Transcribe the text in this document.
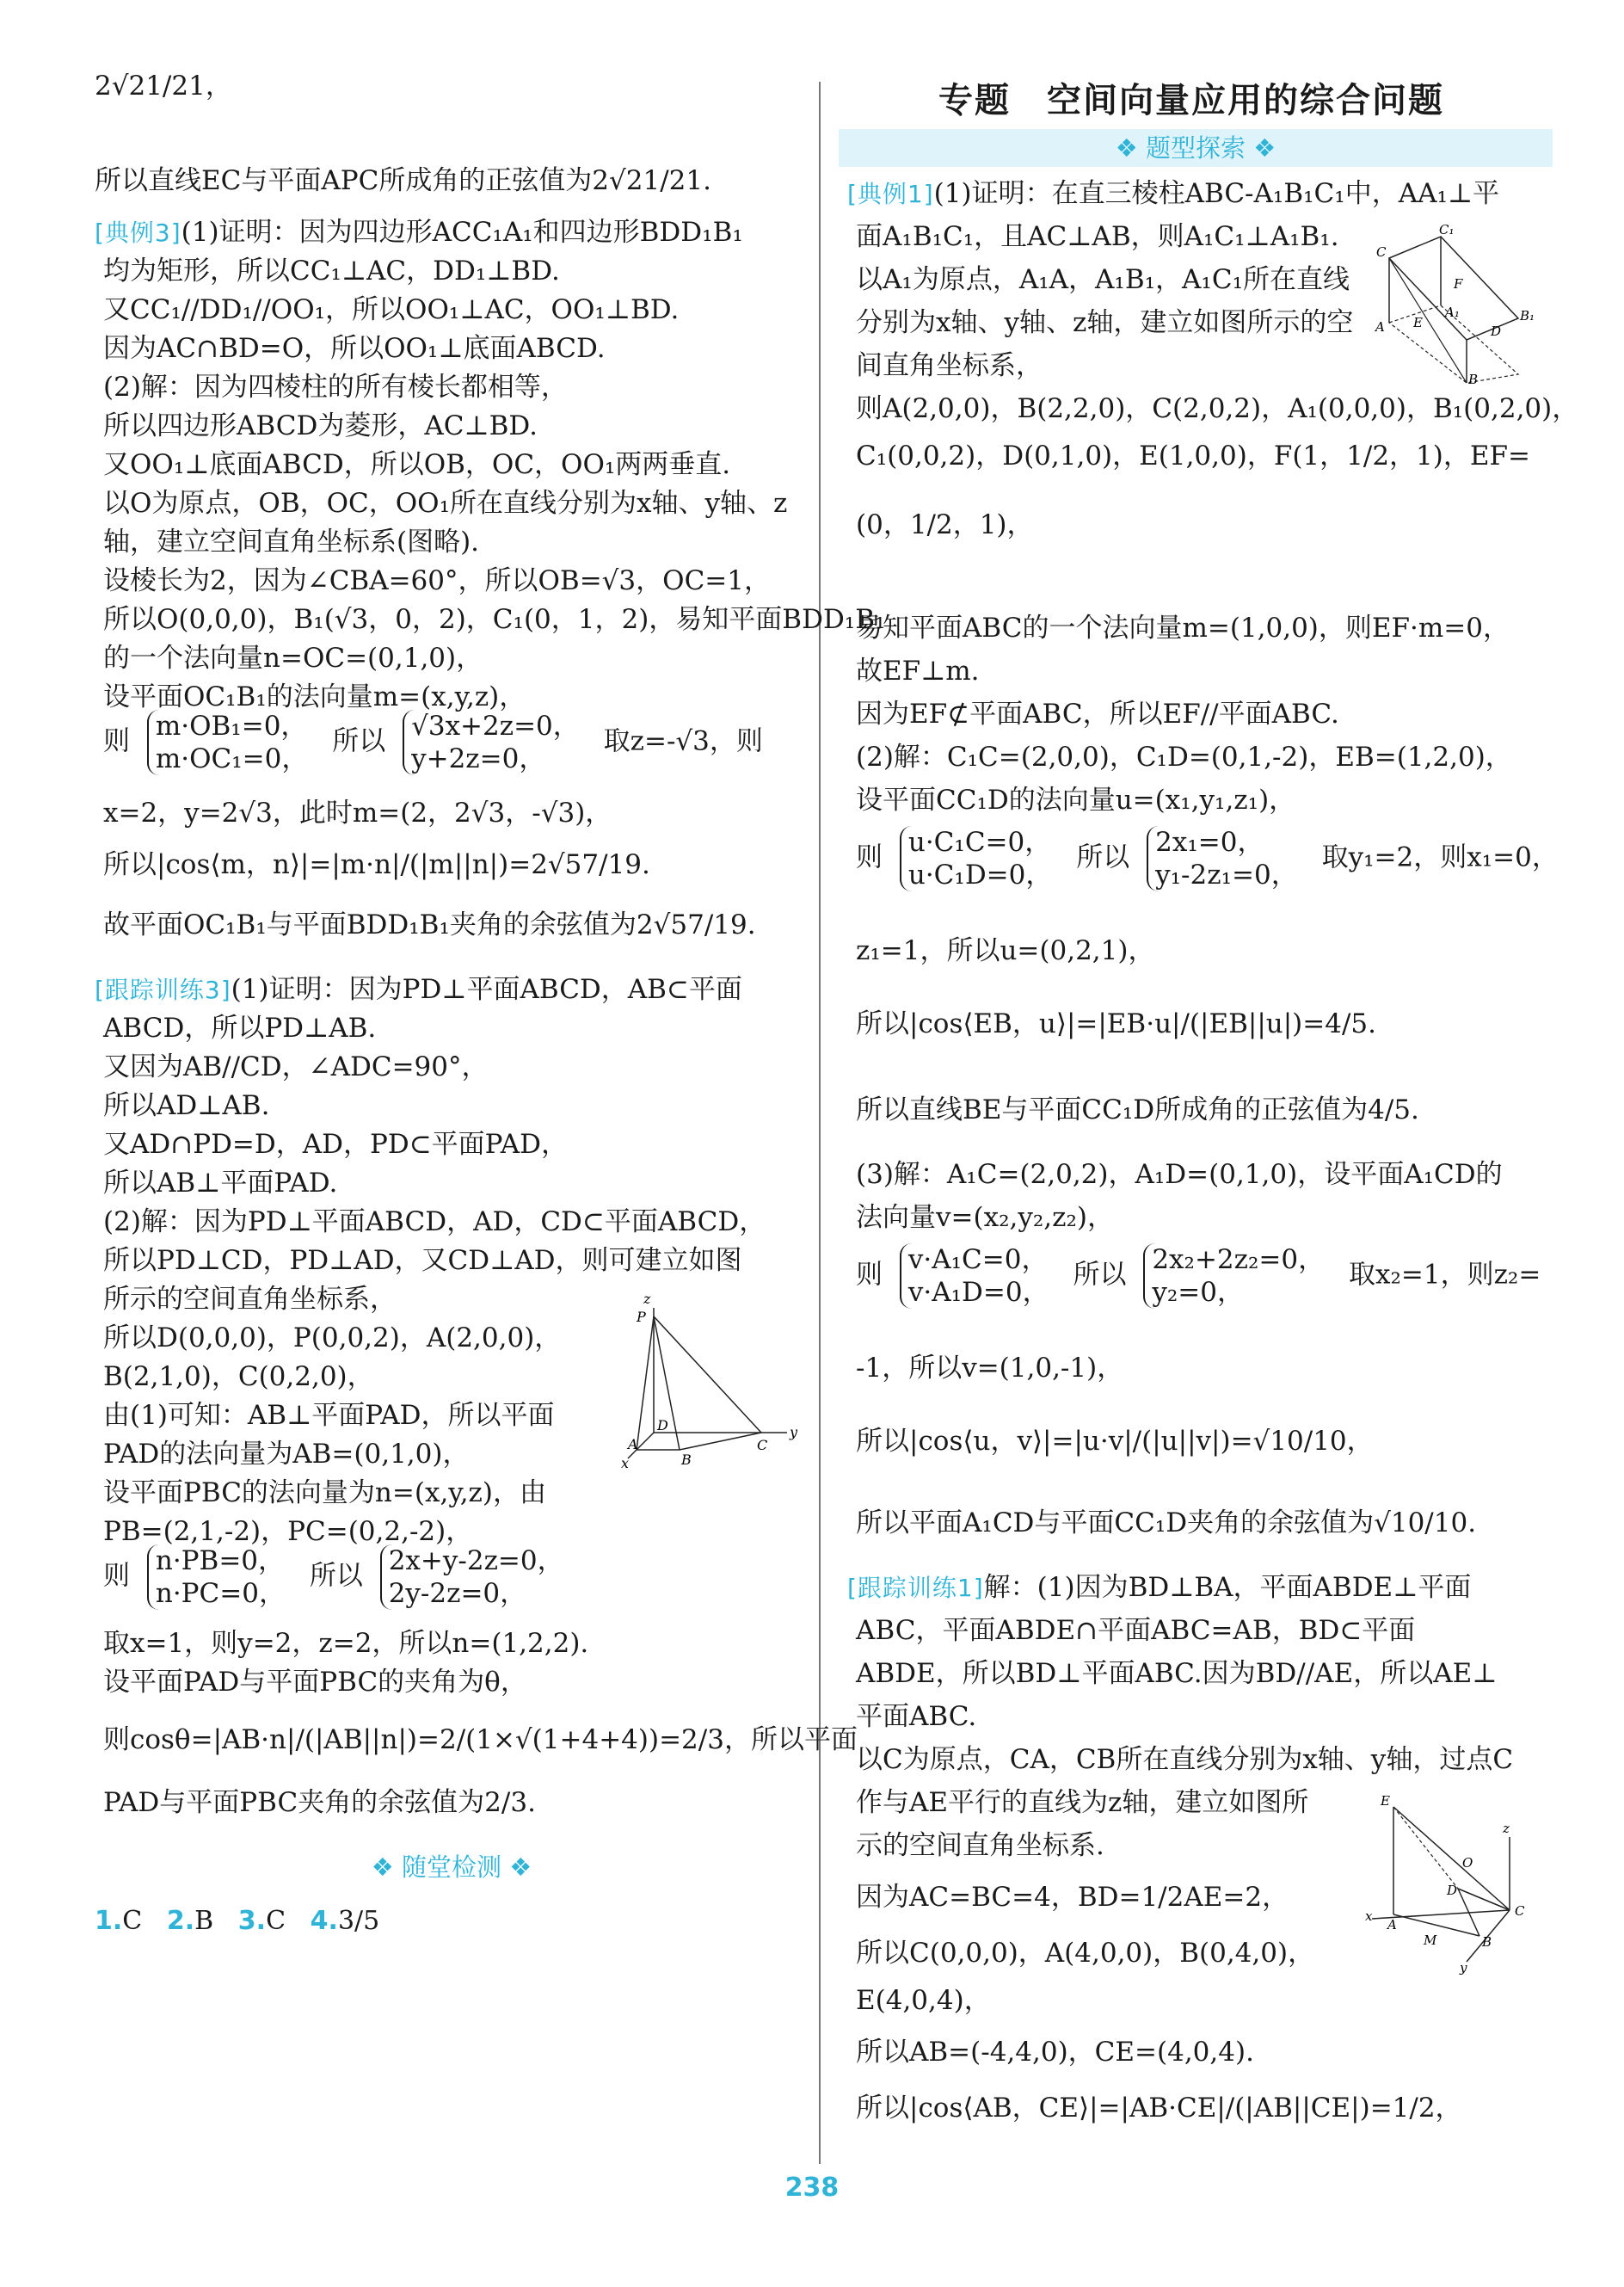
2√21/21，
所以直线EC与平面APC所成角的正弦值为2√21/21.
[典例3](1)证明：因为四边形ACC₁A₁和四边形BDD₁B₁
均为矩形，所以CC₁⊥AC，DD₁⊥BD.
又CC₁//DD₁//OO₁，所以OO₁⊥AC，OO₁⊥BD.
因为AC∩BD=O，所以OO₁⊥底面ABCD.
(2)解：因为四棱柱的所有棱长都相等，
所以四边形ABCD为菱形，AC⊥BD.
又OO₁⊥底面ABCD，所以OB，OC，OO₁两两垂直.
以O为原点，OB，OC，OO₁所在直线分别为x轴、y轴、z
轴，建立空间直角坐标系(图略).
设棱长为2，因为∠CBA=60°，所以OB=√3，OC=1，
所以O(0,0,0)，B₁(√3，0，2)，C₁(0，1，2)，易知平面BDD₁B₁
的一个法向量n=OC=(0,1,0)，
设平面OC₁B₁的法向量m=(x,y,z)，
x=2，y=2√3，此时m=(2，2√3，-√3)，
故平面OC₁B₁与平面BDD₁B₁夹角的余弦值为2√57/19.
[跟踪训练3](1)证明：因为PD⊥平面ABCD，AB⊂平面
ABCD，所以PD⊥AB.
又因为AB//CD，∠ADC=90°，
所以AD⊥AB.
又AD∩PD=D，AD，PD⊂平面PAD，
所以AB⊥平面PAD.
(2)解：因为PD⊥平面ABCD，AD，CD⊂平面ABCD，
所以PD⊥CD，PD⊥AD，又CD⊥AD，则可建立如图
所示的空间直角坐标系，
所以D(0,0,0)，P(0,0,2)，A(2,0,0)，
B(2,1,0)，C(0,2,0)，
由(1)可知：AB⊥平面PAD，所以平面
PAD的法向量为AB=(0,1,0)，
设平面PBC的法向量为n=(x,y,z)，由
PB=(2,1,-2)，PC=(0,2,-2)，
取x=1，则y=2，z=2，所以n=(1,2,2).
设平面PAD与平面PBC的夹角为θ，
PAD与平面PBC夹角的余弦值为2/3.
则 m·OB₁=0，
m·OC₁=0，
所以 √3x+2z=0，
y+2z=0，
取z=-√3，则
所以|cos⟨m，n⟩|=|m·n|/(|m||n|)=2√57/19.
z
P
D
C
y
A
B
x
则 n·PB=0，
n·PC=0，
所以 2x+y-2z=0，
2y-2z=0，
则cosθ=|AB·n|/(|AB||n|)=2/(1×√(1+4+4))=2/3，所以平面
❖ 随堂检测 ❖
1.C 2.B 3.C 4.3/5
专题　空间向量应用的综合问题
❖ 题型探索 ❖
[典例1](1)证明：在直三棱柱ABC-A₁B₁C₁中，AA₁⊥平
面A₁B₁C₁，且AC⊥AB，则A₁C₁⊥A₁B₁.
以A₁为原点，A₁A，A₁B₁，A₁C₁所在直线
分别为x轴、y轴、z轴，建立如图所示的空
间直角坐标系，
则A(2,0,0)，B(2,2,0)，C(2,0,2)，A₁(0,0,0)，B₁(0,2,0)，
C₁(0,0,2)，D(0,1,0)，E(1,0,0)，F(1，1/2，1)，EF=
(0，1/2，1)，
易知平面ABC的一个法向量m=(1,0,0)，则EF·m=0，
故EF⊥m.
因为EF⊄平面ABC，所以EF//平面ABC.
(2)解：C₁C=(2,0,0)，C₁D=(0,1,-2)，EB=(1,2,0)，
设平面CC₁D的法向量u=(x₁,y₁,z₁)，
z₁=1，所以u=(0,2,1)，
所以直线BE与平面CC₁D所成角的正弦值为4/5.
(3)解：A₁C=(2,0,2)，A₁D=(0,1,0)，设平面A₁CD的
法向量v=(x₂,y₂,z₂)，
-1，所以v=(1,0,-1)，
所以平面A₁CD与平面CC₁D夹角的余弦值为√10/10.
[跟踪训练1]解：(1)因为BD⊥BA，平面ABDE⊥平面
ABC，平面ABDE∩平面ABC=AB，BD⊂平面
ABDE，所以BD⊥平面ABC.因为BD//AE，所以AE⊥
平面ABC.
以C为原点，CA，CB所在直线分别为x轴、y轴，过点C
作与AE平行的直线为z轴，建立如图所
示的空间直角坐标系.
因为AC=BC=4，BD=1/2AE=2，
所以C(0,0,0)，A(4,0,0)，B(0,4,0)，
E(4,0,4)，
所以AB=(-4,4,0)，CE=(4,0,4).
C₁
C
F
A₁	B₁
A E
D
B
则 u·C₁C=0，
u·C₁D=0，
所以 2x₁=0，
y₁-2z₁=0，
取y₁=2，则x₁=0，
所以|cos⟨EB，u⟩|=|EB·u|/(|EB||u|)=4/5.
则 v·A₁C=0，
v·A₁D=0，
所以 2x₂+2z₂=0，
y₂=0，
取x₂=1，则z₂=
所以|cos⟨u，v⟩|=|u·v|/(|u||v|)=√10/10，
E
z
O
D
C
A
M	B
x
y
所以|cos⟨AB，CE⟩|=|AB·CE|/(|AB||CE|)=1/2，
238
